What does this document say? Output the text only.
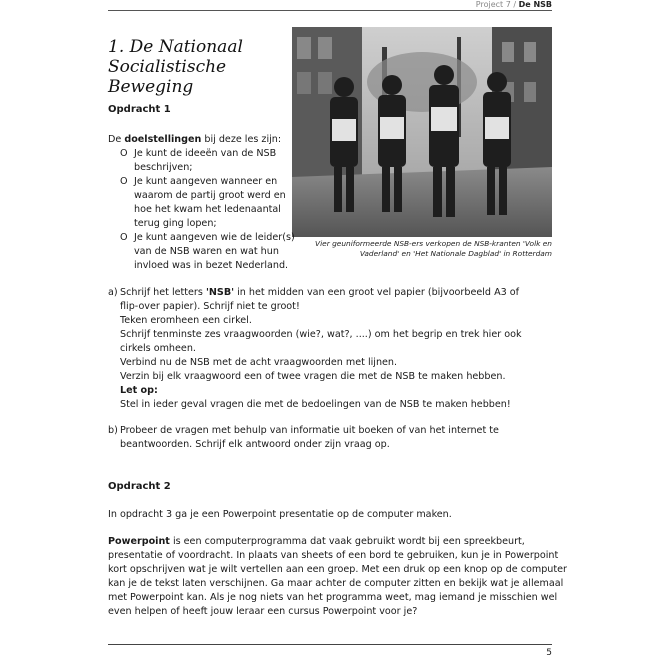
Project 7 / De NSB
1. De Nationaal
Socialistische Beweging
Vier geuniformeerde NSB-ers verkopen de NSB-kranten 'Volk en
Vaderland' en 'Het Nationale Dagblad' in Rotterdam
Opdracht 1
De doelstellingen bij deze les zijn:
O Je kunt de ideeën van de NSB beschrijven;
O Je kunt aangeven wanneer en waarom de partij groot werd en hoe het kwam het ledenaantal terug ging lopen;
O Je kunt aangeven wie de leider(s) van de NSB waren en wat hun invloed was in bezet Nederland.
a) Schrijf het letters 'NSB' in het midden van een groot vel papier (bijvoorbeeld A3 of
flip-over papier). Schrijf niet te groot!
Teken eromheen een cirkel.
Schrijf tenminste zes vraagwoorden (wie?, wat?, ....) om het begrip en trek hier ook
cirkels omheen.
Verbind nu de NSB met de acht vraagwoorden met lijnen.
Verzin bij elk vraagwoord een of twee vragen die met de NSB te maken hebben.
Let op:
Stel in ieder geval vragen die met de bedoelingen van de NSB te maken hebben!
b) Probeer de vragen met behulp van informatie uit boeken of van het internet te
beantwoorden. Schrijf elk antwoord onder zijn vraag op.
Opdracht 2
In opdracht 3 ga je een Powerpoint presentatie op de computer maken.
Powerpoint is een computerprogramma dat vaak gebruikt wordt bij een spreekbeurt,
presentatie of voordracht. In plaats van sheets of een bord te gebruiken, kun je in Powerpoint
kort opschrijven wat je wilt vertellen aan een groep. Met een druk op een knop op de computer
kan je de tekst laten verschijnen. Ga maar achter de computer zitten en bekijk wat je allemaal
met Powerpoint kan. Als je nog niets van het programma weet, mag iemand je misschien wel
even helpen of heeft jouw leraar een cursus Powerpoint voor je?
5
